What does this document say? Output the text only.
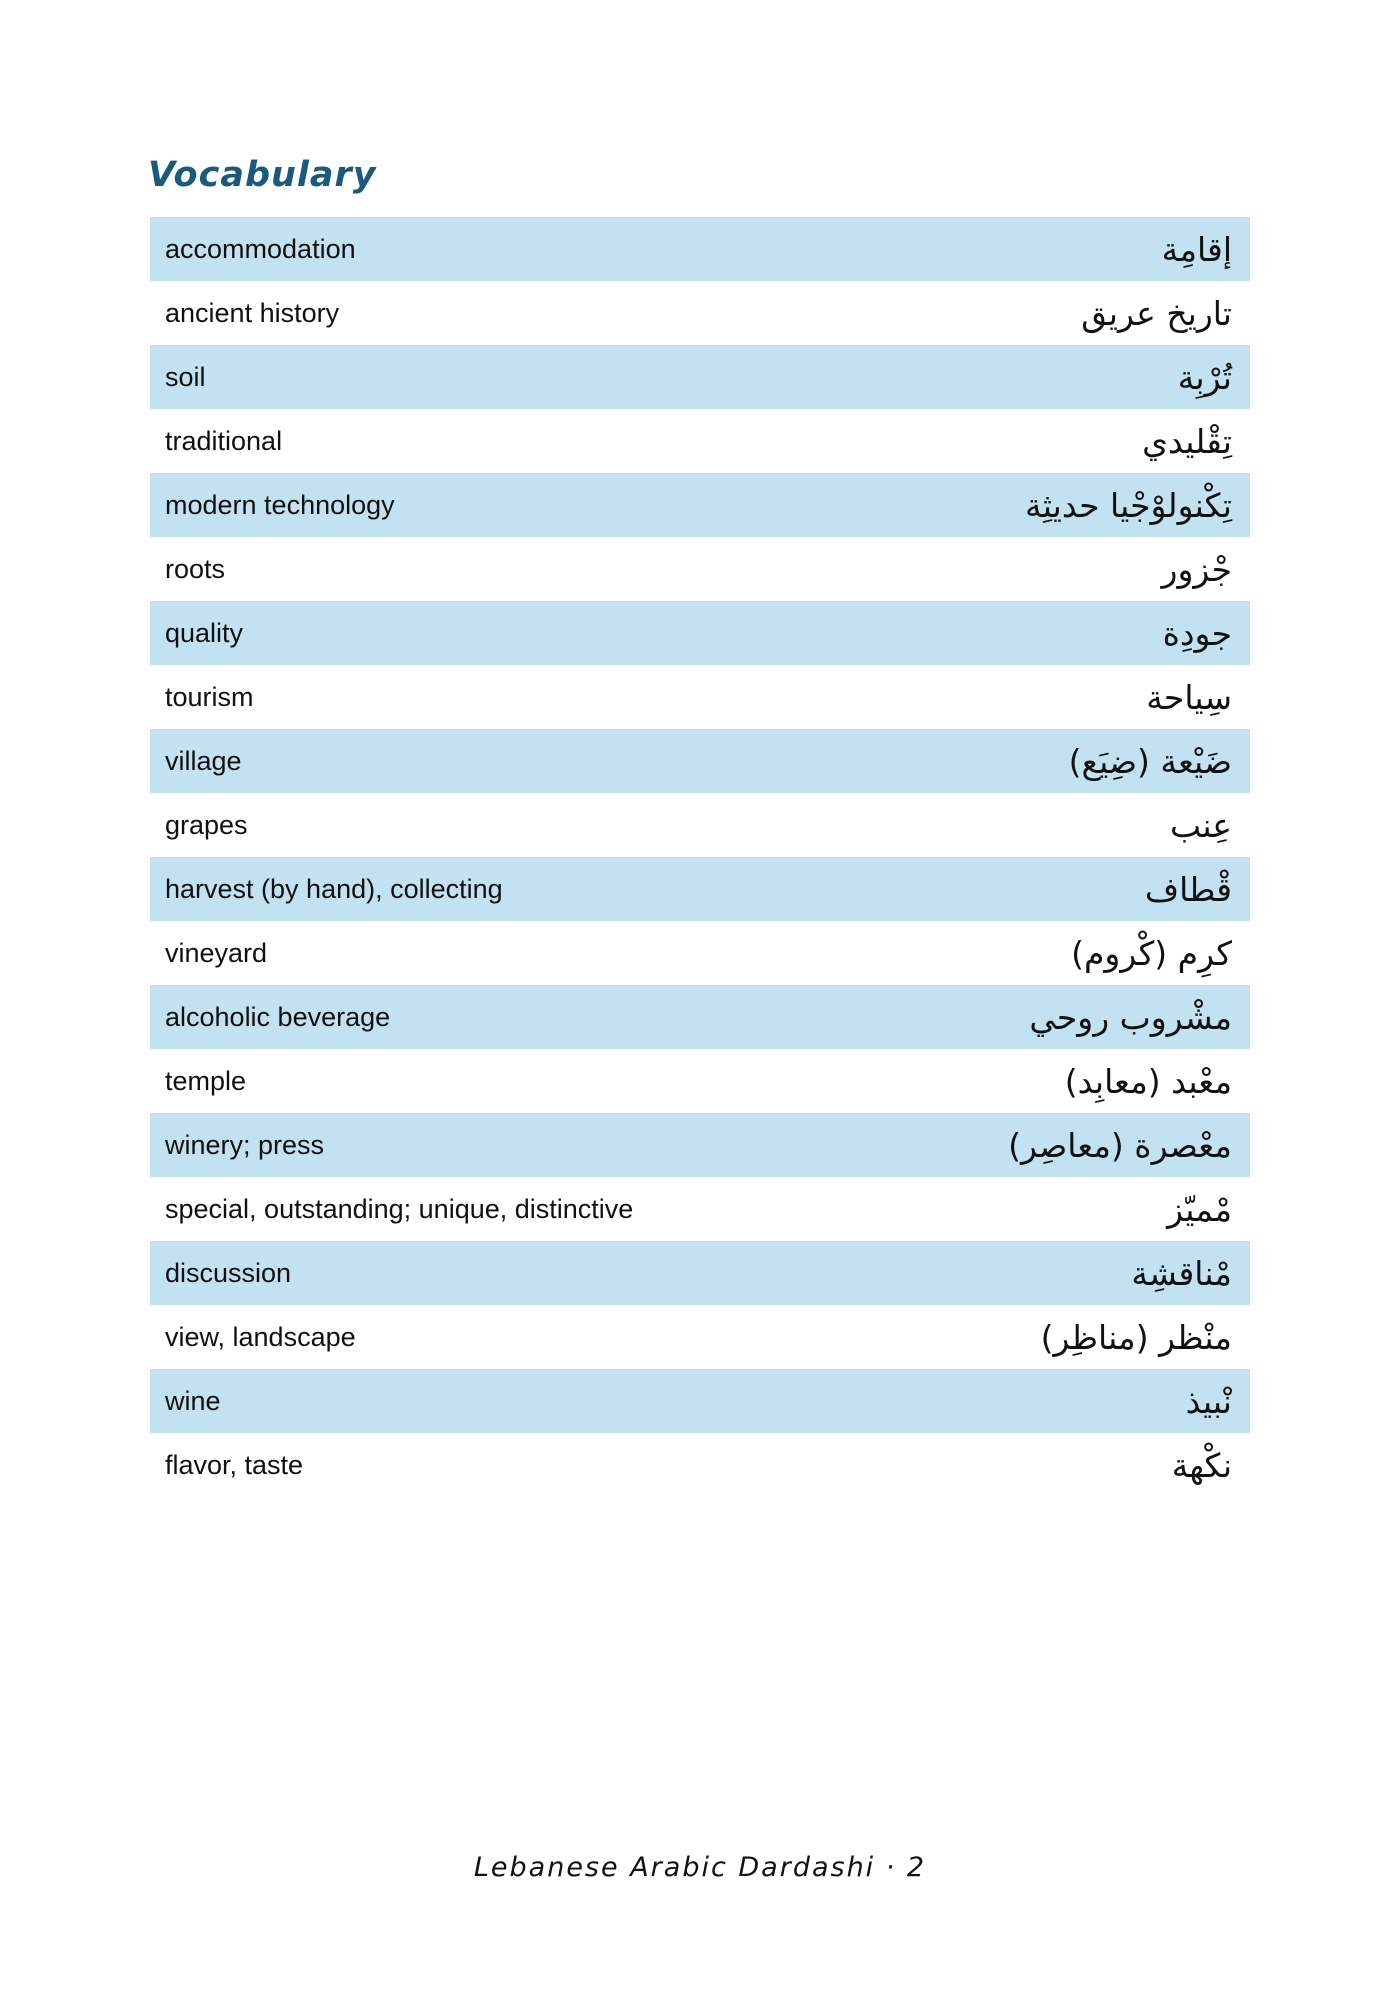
Vocabulary
accommodation	إقامِة
ancient history	تاريخ عريق
soil	تُرْبِة
traditional	تِقْليدي
modern technology	تِكْنولوْجْيا حديثِة
roots	جْزور
quality	جودِة
tourism	سِياحة
village	ضَيْعة (ضِيَع)
grapes	عِنب
harvest (by hand), collecting	قْطاف
vineyard	كرِم (كْروم)
alcoholic beverage	مشْروب روحي
temple	معْبد (معابِد)
winery; press	معْصرة (معاصِر)
special, outstanding; unique, distinctive	مْميّز
discussion	مْناقشِة
view, landscape	منْظر (مناظِر)
wine	نْبيذ
flavor, taste	نكْهة
Lebanese Arabic Dardashi · 2
